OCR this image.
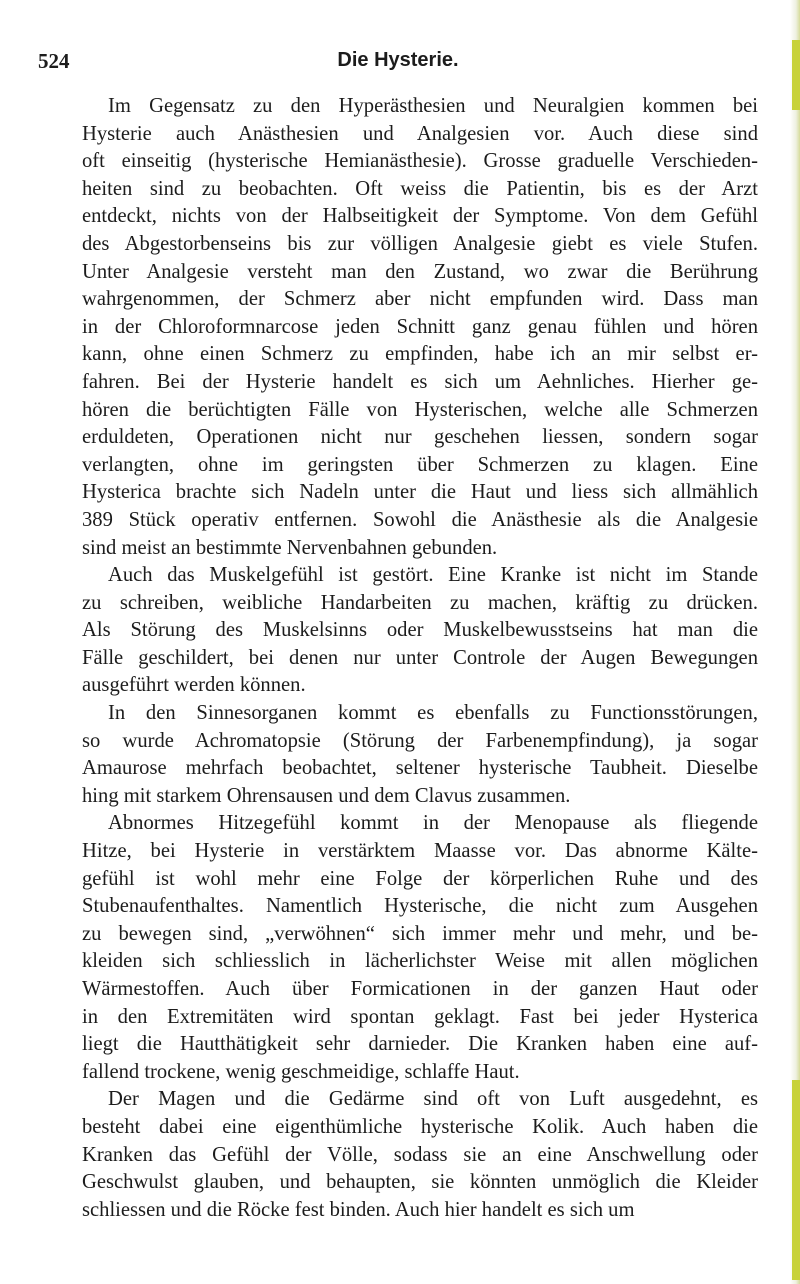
524	Die Hysterie.

Im Gegensatz zu den Hyperästhesien und Neuralgien kommen bei
Hysterie auch Anästhesien und Analgesien vor. Auch diese sind
oft einseitig (hysterische Hemianästhesie). Grosse graduelle Verschieden-
heiten sind zu beobachten. Oft weiss die Patientin, bis es der Arzt
entdeckt, nichts von der Halbseitigkeit der Symptome. Von dem Gefühl
des Abgestorbenseins bis zur völligen Analgesie giebt es viele Stufen.
Unter Analgesie versteht man den Zustand, wo zwar die Berührung
wahrgenommen, der Schmerz aber nicht empfunden wird. Dass man
in der Chloroformnarcose jeden Schnitt ganz genau fühlen und hören
kann, ohne einen Schmerz zu empfinden, habe ich an mir selbst er-
fahren. Bei der Hysterie handelt es sich um Aehnliches. Hierher ge-
hören die berüchtigten Fälle von Hysterischen, welche alle Schmerzen
erduldeten, Operationen nicht nur geschehen liessen, sondern sogar
verlangten, ohne im geringsten über Schmerzen zu klagen. Eine
Hysterica brachte sich Nadeln unter die Haut und liess sich allmählich
389 Stück operativ entfernen. Sowohl die Anästhesie als die Analgesie
sind meist an bestimmte Nervenbahnen gebunden.

Auch das Muskelgefühl ist gestört. Eine Kranke ist nicht im Stande
zu schreiben, weibliche Handarbeiten zu machen, kräftig zu drücken.
Als Störung des Muskelsinns oder Muskelbewusstseins hat man die
Fälle geschildert, bei denen nur unter Controle der Augen Bewegungen
ausgeführt werden können.

In den Sinnesorganen kommt es ebenfalls zu Functionsstörungen,
so wurde Achromatopsie (Störung der Farbenempfindung), ja sogar
Amaurose mehrfach beobachtet, seltener hysterische Taubheit. Dieselbe
hing mit starkem Ohrensausen und dem Clavus zusammen.

Abnormes Hitzegefühl kommt in der Menopause als fliegende
Hitze, bei Hysterie in verstärktem Maasse vor. Das abnorme Kälte-
gefühl ist wohl mehr eine Folge der körperlichen Ruhe und des
Stubenaufenthaltes. Namentlich Hysterische, die nicht zum Ausgehen
zu bewegen sind, „verwöhnen“ sich immer mehr und mehr, und be-
kleiden sich schliesslich in lächerlichster Weise mit allen möglichen
Wärmestoffen. Auch über Formicationen in der ganzen Haut oder
in den Extremitäten wird spontan geklagt. Fast bei jeder Hysterica
liegt die Hautthätigkeit sehr darnieder. Die Kranken haben eine auf-
fallend trockene, wenig geschmeidige, schlaffe Haut.

Der Magen und die Gedärme sind oft von Luft ausgedehnt, es
besteht dabei eine eigenthümliche hysterische Kolik. Auch haben die
Kranken das Gefühl der Völle, sodass sie an eine Anschwellung oder
Geschwulst glauben, und behaupten, sie könnten unmöglich die Kleider
schliessen und die Röcke fest binden. Auch hier handelt es sich um
